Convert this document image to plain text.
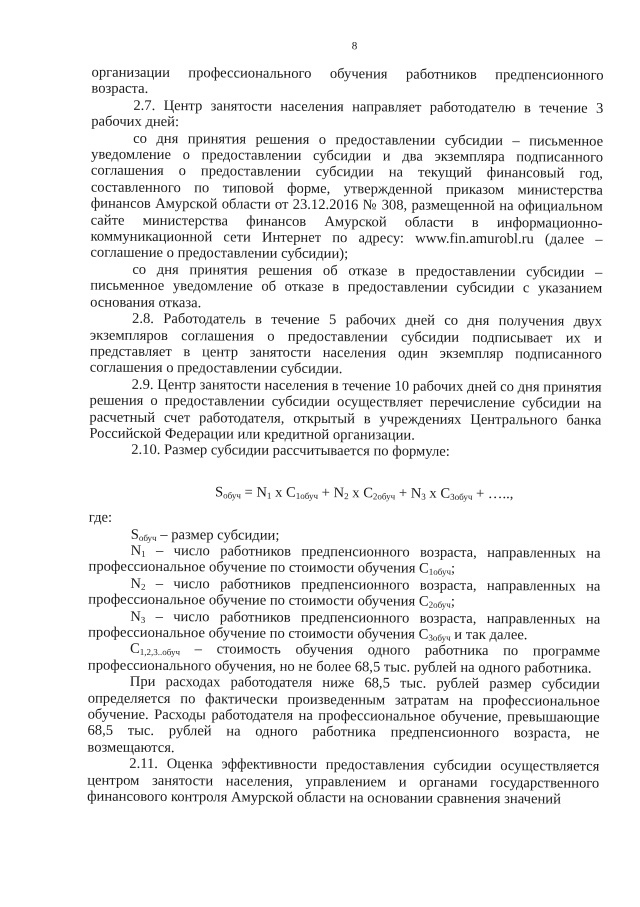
8

организации профессионального обучения работников предпенсионного возраста.

2.7. Центр занятости населения направляет работодателю в течение 3 рабочих дней:

со дня принятия решения о предоставлении субсидии – письменное уведомление о предоставлении субсидии и два экземпляра подписанного соглашения о предоставлении субсидии на текущий финансовый год, составленного по типовой форме, утвержденной приказом министерства финансов Амурской области от 23.12.2016 № 308, размещенной на официальном сайте министерства финансов Амурской области в информационно-коммуникационной сети Интернет по адресу: www.fin.amurobl.ru (далее – соглашение о предоставлении субсидии);

со дня принятия решения об отказе в предоставлении субсидии – письменное уведомление об отказе в предоставлении субсидии с указанием основания отказа.

2.8. Работодатель в течение 5 рабочих дней со дня получения двух экземпляров соглашения о предоставлении субсидии подписывает их и представляет в центр занятости населения один экземпляр подписанного соглашения о предоставлении субсидии.

2.9. Центр занятости населения в течение 10 рабочих дней со дня принятия решения о предоставлении субсидии осуществляет перечисление субсидии на расчетный счет работодателя, открытый в учреждениях Центрального банка Российской Федерации или кредитной организации.

2.10. Размер субсидии рассчитывается по формуле:

$S_{обуч} = N_1$ x $C_{1обуч} + N_2$ x $C_{2обуч} + N_3$ x $C_{3обуч}$ + …..,

где:

$S_{обуч}$ – размер субсидии;

$N_1$ – число работников предпенсионного возраста, направленных на профессиональное обучение по стоимости обучения $C_{1обуч}$;

$N_2$ – число работников предпенсионного возраста, направленных на профессиональное обучение по стоимости обучения $C_{2обуч}$;

$N_3$ – число работников предпенсионного возраста, направленных на профессиональное обучение по стоимости обучения $C_{3обуч}$ и так далее.

$C_{1,2,3..обуч}$ – стоимость обучения одного работника по программе профессионального обучения, но не более 68,5 тыс. рублей на одного работника.

При расходах работодателя ниже 68,5 тыс. рублей размер субсидии определяется по фактически произведенным затратам на профессиональное обучение. Расходы работодателя на профессиональное обучение, превышающие 68,5 тыс. рублей на одного работника предпенсионного возраста, не возмещаются.

2.11. Оценка эффективности предоставления субсидии осуществляется центром занятости населения, управлением и органами государственного финансового контроля Амурской области на основании сравнения значений
